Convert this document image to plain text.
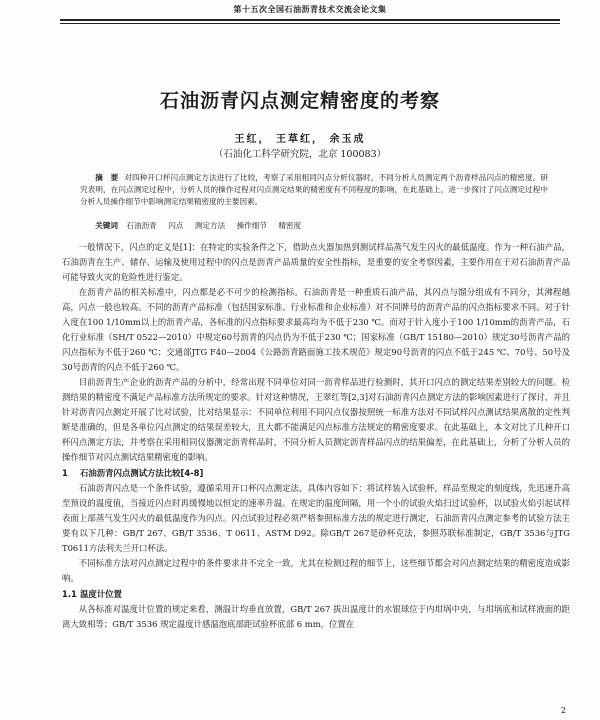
第十五次全国石油沥青技术交流会论文集
石油沥青闪点测定精密度的考察
王红， 王草红， 余玉成
（石油化工科学研究院，北京 100083）
摘　要 对四种开口杯闪点测定方法进行了比较，考察了采用相同闪点分析仪器时，不同分析人员测定两个沥青样品闪点的精密度。研究表明，在闪点测定过程中，分析人员的操作过程对闪点测定结果的精密度有不同程度的影响，在此基础上，进一步探讨了闪点测定过程中分析人员操作细节中影响测定结果精密度的主要因素。
关键词 石油沥青 闪点 测定方法 操作细节 精密度

一般情况下，闪点的定义是[1]：在特定的实验条件之下，借助点火器加热到测试样品蒸气发生闪火的最低温度。作为一种石油产品，石油沥青在生产、储存、运输及使用过程中的闪点是沥青产品质量的安全性指标，是重要的安全考察因素，主要作用在于对石油沥青产品可能导致火灾的危险性进行鉴定。

在沥青产品的相关标准中，闪点都是必不可少的检测指标。石油沥青是一种重质石油产品，其闪点与馏分组成有不同分，其沸程越高，闪点一般也较高。不同的沥青产品标准（包括国家标准、行业标准和企业标准）对不同牌号的沥青产品的闪点指标要求不同。对于针入度在100 1/10mm以上的沥青产品，各标准的闪点指标要求最高均为不低于230 ℃。而对于针入度小于100 1/10mm的沥青产品，石化行业标准（SH/T 0522—2010）中规定60号沥青的闪点仍为不低于230 ℃；国家标准（GB/T 15180—2010）规定30号沥青产品的闪点指标为不低于260 ℃；交通部JTG F40—2004《公路沥青路面施工技术规范》规定90号沥青的闪点不低于245 ℃、70号、50号及30号沥青的闪点不低于260 ℃。

目前沥青生产企业的沥青产品的分析中，经常出现不同单位对同一沥青样品进行检测时，其开口闪点的测定结果差别较大的问题。检测结果的精密度不满足产品标准方法所规定的要求。针对这种情况，王翠红等[2,3]对石油沥青闪点测定方法的影响因素进行了探讨，并且针对沥青闪点测定开展了比对试验，比对结果显示：不同单位利用不同闪点仪器按照统一标准方法对不同试样闪点测试结果离散的定性判断是准确的，但是各单位闪点测定的结果误差较大，且大都不能满足闪点标准方法规定的精密度要求。在此基础上，本文对比了几种开口杯闪点测定方法，并考察在采用相同仪器测定沥青样品时，不同分析人员测定沥青样品闪点的结果偏差，在此基础上，分析了分析人员的操作细节对闪点测试结果精密度的影响。

1 石油沥青闪点测试方法比较[4-8]

石油沥青闪点是一个条件试验，遵循采用开口杯闪点测定法，具体内容如下：将试样装入试验杯，样品至规定的刻度线，先迅速升高至预设的温度值，当接近闪点时再缓慢地以恒定的速率升温。在规定的温度间隔，用一个小的试验火焰扫过试验杯，以试验火焰引起试样表面上部蒸气发生闪火的最低温度作为闪点。闪点试验过程必须严格参照标准方法的规定进行测定，石油沥青闪点测定参考的试验方法主要有以下几种：GB/T 267、GB/T 3536、T 0611、ASTM D92。除GB/T 267是砂杯克法，参照苏联标准制定，GB/T 3536与JTG T0611方法利夫兰开口杯法。

不同标准方法对闪点测定过程中的条件要求并不完全一致，尤其在检测过程的细节上，这些细节都会对闪点测定结果的精密度造成影响。

1.1 温度计位置

从各标准对温度计位置的规定来看，测温计均垂直放置，GB/T 267 拔出温度计的水银球位于内坩埚中央，与坩埚底和试样液面的距离大致相等；GB/T 3536 规定温度计感温泡底部距试验杯底部 6 mm，位置在

2
